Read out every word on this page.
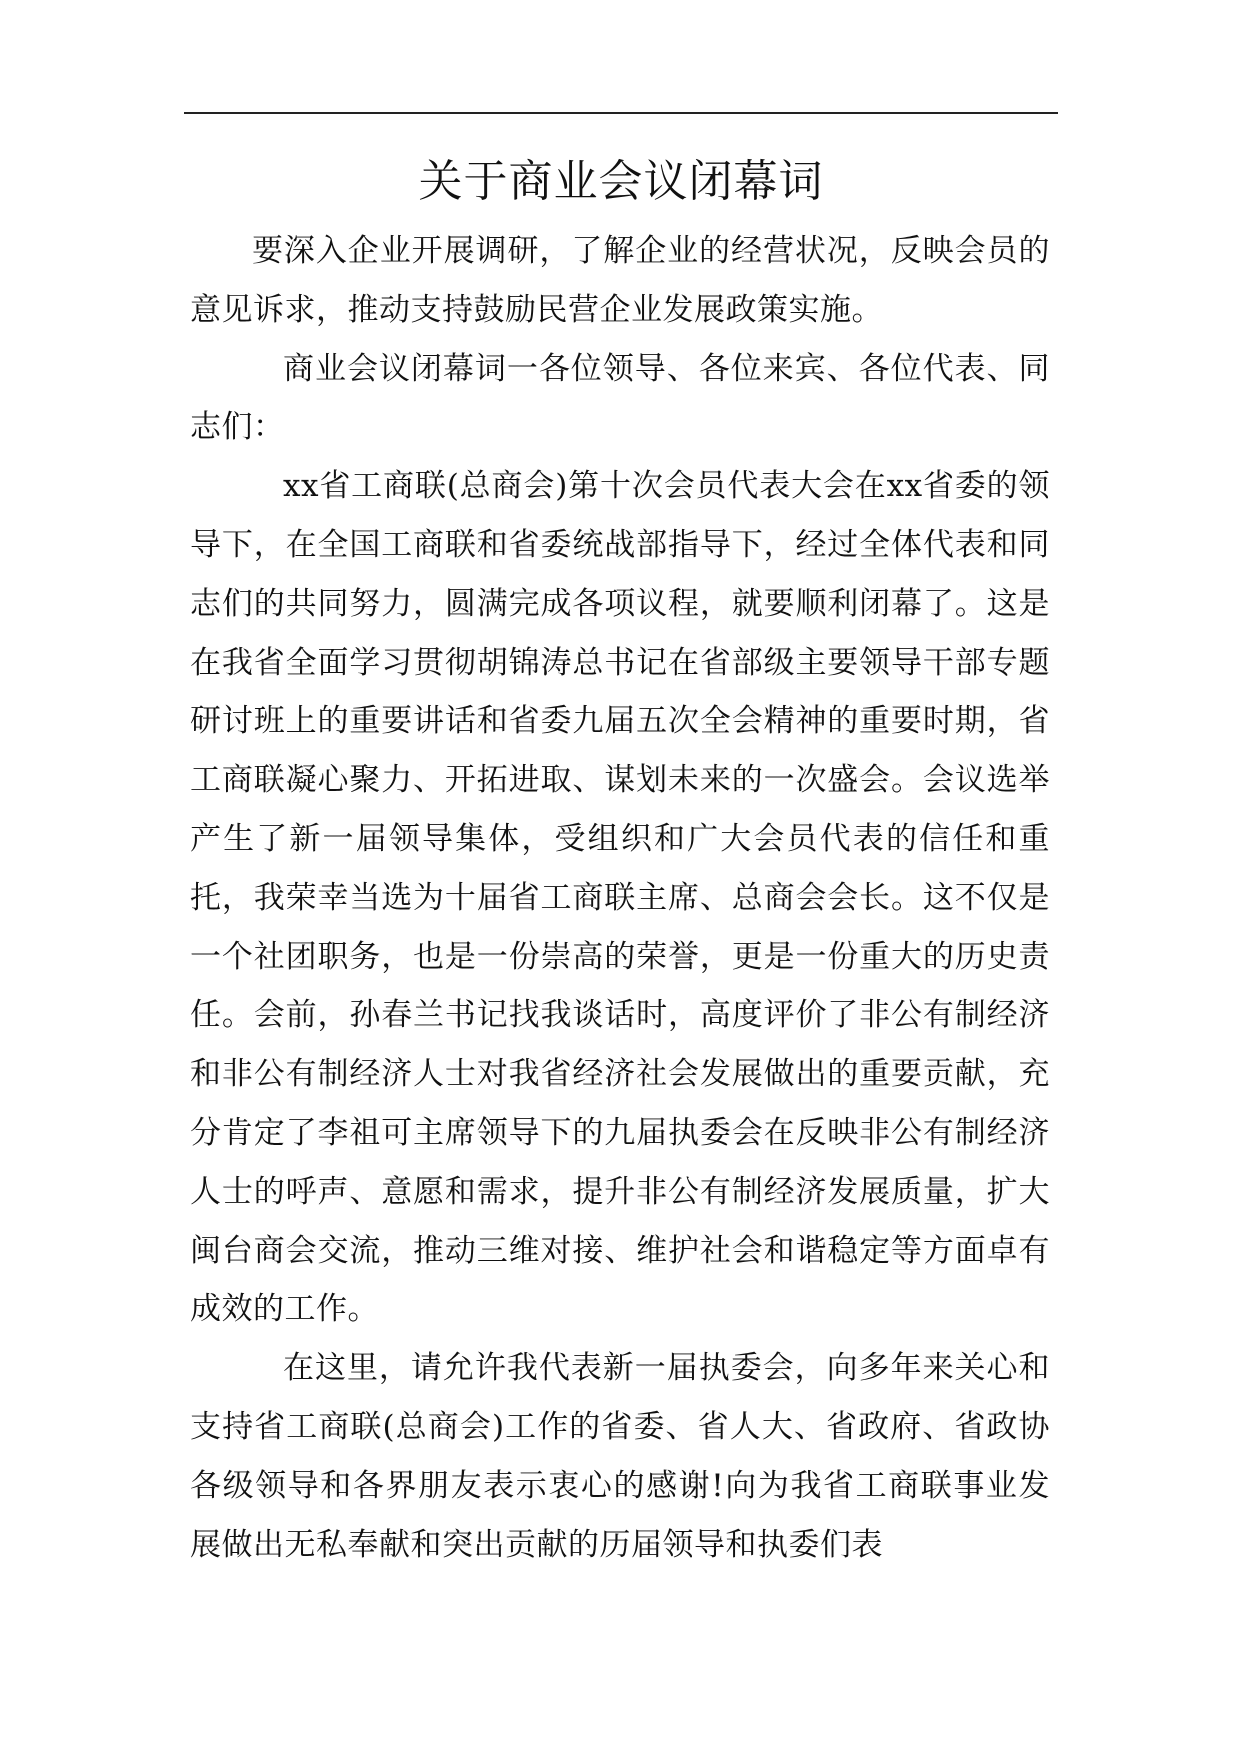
关于商业会议闭幕词

要深入企业开展调研，了解企业的经营状况，反映会员的意见诉求，推动支持鼓励民营企业发展政策实施。

商业会议闭幕词一各位领导、各位来宾、各位代表、同志们：

xx省工商联(总商会)第十次会员代表大会在xx省委的领导下，在全国工商联和省委统战部指导下，经过全体代表和同志们的共同努力，圆满完成各项议程，就要顺利闭幕了。这是在我省全面学习贯彻胡锦涛总书记在省部级主要领导干部专题研讨班上的重要讲话和省委九届五次全会精神的重要时期，省工商联凝心聚力、开拓进取、谋划未来的一次盛会。会议选举产生了新一届领导集体，受组织和广大会员代表的信任和重托，我荣幸当选为十届省工商联主席、总商会会长。这不仅是一个社团职务，也是一份崇高的荣誉，更是一份重大的历史责任。会前，孙春兰书记找我谈话时，高度评价了非公有制经济和非公有制经济人士对我省经济社会发展做出的重要贡献，充分肯定了李祖可主席领导下的九届执委会在反映非公有制经济人士的呼声、意愿和需求，提升非公有制经济发展质量，扩大闽台商会交流，推动三维对接、维护社会和谐稳定等方面卓有成效的工作。

在这里，请允许我代表新一届执委会，向多年来关心和支持省工商联(总商会)工作的省委、省人大、省政府、省政协各级领导和各界朋友表示衷心的感谢!向为我省工商联事业发展做出无私奉献和突出贡献的历届领导和执委们表
